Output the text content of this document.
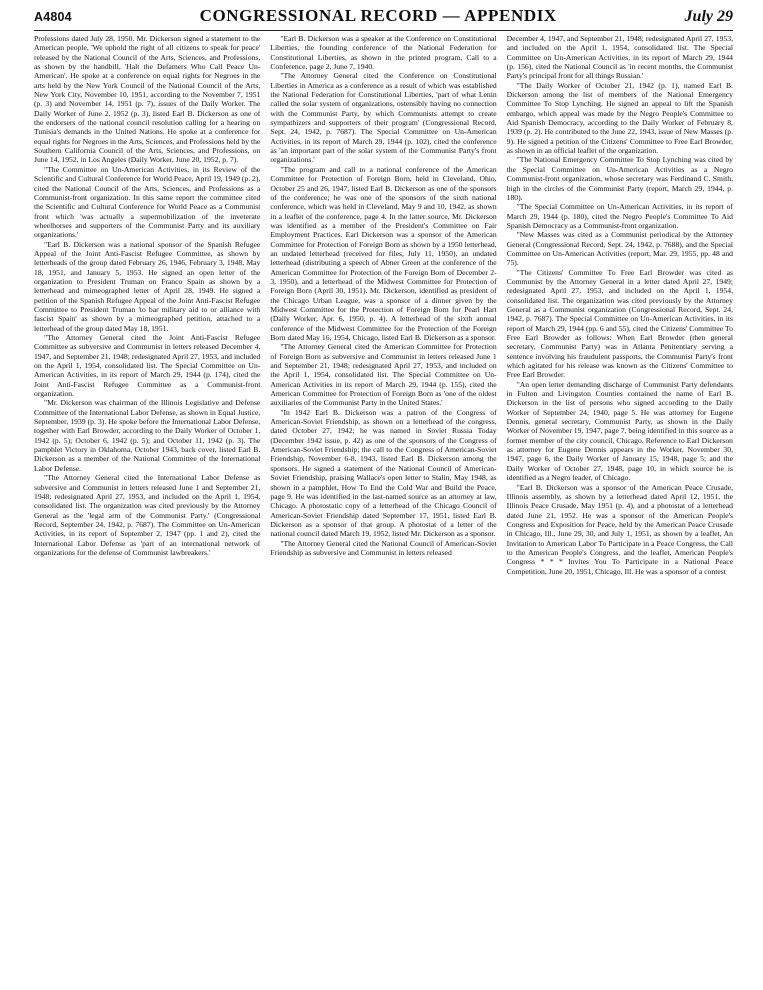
A4804	CONGRESSIONAL RECORD — APPENDIX	July 29

Professions dated July 28, 1950. Mr. Dickerson signed a statement to the American people, 'We uphold the right of all citizens to speak for peace' released by the National Council of the Arts, Sciences, and Professions, as shown by the handbill, 'Halt the Defamers Who Call Peace Un-American'. He spoke at a conference on equal rights for Negroes in the arts held by the New York Council of the National Council of the Arts, New York City, November 10, 1951, according to the November 7, 1951 (p. 3) and November 14, 1951 (p. 7), issues of the Daily Worker. The Daily Worker of June 2, 1952 (p. 3), listed Earl B. Dickerson as one of the endorsers of the national council resolution calling for a hearing on Tunisia's demands in the United Nations. He spoke at a conference for equal rights for Negroes in the Arts, Sciences, and Professions held by the Southern California Council of the Arts, Sciences, and Professions, on June 14, 1952, in Los Angeles (Daily Worker, June 20, 1952, p. 7).

"The Committee on Un-American Activities, in its Review of the Scientific and Cultural Conference for World Peace, April 19, 1949 (p. 2), cited the National Council of the Arts, Sciences, and Professions as a Communist-front organization. In this same report the committee cited the Scientific and Cultural Conference for World Peace as a Communist front which 'was actually a supermobilization of the inveterate wheelhorses and supporters of the Communist Party and its auxiliary organizations.'

"Earl B. Dickerson was a national sponsor of the Spanish Refugee Appeal of the Joint Anti-Fascist Refugee Committee, as shown by letterheads of the group dated February 26, 1946, February 3, 1948, May 18, 1951, and January 5, 1953. He signed an open letter of the organization to President Truman on Franco Spain as shown by a letterhead and mimeographed letter of April 28, 1949. He signed a petition of the Spanish Refugee Appeal of the Joint Anti-Fascist Refugee Committee to President Truman 'to bar military aid to or alliance with fascist Spain' as shown by a mimeographed petition, attached to a letterhead of the group dated May 18, 1951.

"The Attorney General cited the Joint Anti-Fascist Refugee Committee as subversive and Communist in letters released December 4, 1947, and September 21, 1948; redesignated April 27, 1953, and included on the April 1, 1954, consolidated list. The Special Committee on Un-American Activities, in its report of March 29, 1944 (p. 174), cited the Joint Anti-Fascist Refugee Committee as a Communist-front organization.

"Mr. Dickerson was chairman of the Illinois Legislative and Defense Committee of the International Labor Defense, as shown in Equal Justice, September, 1939 (p. 3). He spoke before the International Labor Defense, together with Earl Browder, according to the Daily Worker of October 1, 1942 (p. 5); October 6, 1942 (p. 5); and October 11, 1942 (p. 3). The pamphlet Victory in Oklahoma, October 1943, back cover, listed Earl B. Dickerson as a member of the National Committee of the International Labor Defense.

"The Attorney General cited the International Labor Defense as subversive and Communist in letters released June 1 and September 21, 1948; redesignated April 27, 1953, and included on the April 1, 1954, consolidated list. The organization was cited previously by the Attorney General as the 'legal arm of the Communist Party.' (Congressional Record, September 24, 1942, p. 7687). The Committee on Un-American Activities, in its report of September 2, 1947 (pp. 1 and 2), cited the International Labor Defense as 'part of an international network of organizations for the defense of Communist lawbreakers.'

"Earl B. Dickerson was a speaker at the Conference on Constitutional Liberties, the founding conference of the National Federation for Constitutional Liberties, as shown in the printed program, Call to a Conference, page 2, June 7, 1940.

"The Attorney General cited the Conference on Constitutional Liberties in America as a conference as a result of which was established the National Federation for Constitutional Liberties, 'part of what Lenin called the solar system of organizations, ostensibly having no connection with the Communist Party, by which Communists attempt to create sympathizers and supporters of their program' (Congressional Record, Sept. 24, 1942, p. 7687). The Special Committee on Un-American Activities, in its report of March 29, 1944 (p. 102), cited the conference as 'an important part of the solar system of the Communist Party's front organizations.'

"The program and call to a national conference of the American Committee for Protection of Foreign Born, held in Cleveland, Ohio, October 25 and 26, 1947, listed Earl B. Dickerson as one of the sponsors of the conference; he was one of the sponsors of the sixth national conference, which was held in Cleveland, May 9 and 10, 1942, as shown in a leaflet of the conference, page 4. In the latter source, Mr. Dickerson was identified as a member of the President's Committee on Fair Employment Practices. Earl Dickerson was a sponsor of the American Committee for Protection of Foreign Born as shown by a 1950 letterhead, an undated letterhead (received for files, July 11, 1950), an undated letterhead (distributing a speech of Abner Green at the conference of the American Committee for Protection of the Foreign Born of December 2-3, 1950), and a letterhead of the Midwest Committee for Protection of Foreign Born (April 30, 1951). Mr. Dickerson, identified as president of the Chicago Urban League, was a sponsor of a dinner given by the Midwest Committee for the Protection of Foreign Born for Pearl Hart (Daily Worker, Apr. 6, 1950, p. 4). A letterhead of the sixth annual conference of the Midwest Committee for the Protection of the Foreign Born dated May 16, 1954, Chicago, listed Earl B. Dickerson as a sponsor.

"The Attorney General cited the American Committee for Protection of Foreign Born as subversive and Communist in letters released June 1 and September 21, 1948; redesignated April 27, 1953, and included on the April 1, 1954, consolidated list. The Special Committee on Un-American Activities in its report of March 29, 1944 (p. 155), cited the American Committee for Protection of Foreign Born as 'one of the oldest auxiliaries of the Communist Party in the United States.'

"In 1942 Earl B. Dickerson was a patron of the Congress of American-Soviet Friendship, as shown on a letterhead of the congress, dated October 27, 1942; he was named in Soviet Russia Today (December 1942 issue, p. 42) as one of the sponsors of the Congress of American-Soviet Friendship; the call to the Congress of American-Soviet Friendship, November 6-8, 1943, listed Earl B. Dickerson among the sponsors. He signed a statement of the National Council of American-Soviet Friendship, praising Wallace's open letter to Stalin, May 1948, as shown in a pamphlet, How To End the Cold War and Build the Peace, page 9. He was identified in the last-named source as an attorney at law, Chicago. A photostatic copy of a letterhead of the Chicago Council of American-Soviet Friendship dated September 17, 1951, listed Earl B. Dickerson as a sponsor of that group. A photostat of a letter of the national council dated March 19, 1952, listed Mr. Dickerson as a sponsor.

"The Attorney General cited the National Council of American-Soviet Friendship as subversive and Communist in letters released

December 4, 1947, and September 21, 1948; redesignated April 27, 1953, and included on the April 1, 1954, consolidated list. The Special Committee on Un-American Activities, in its report of March 29, 1944 (p. 156), cited the National Council as 'in recent months, the Communist Party's principal front for all things Russian.'

"The Daily Worker of October 21, 1942 (p. 1), named Earl B. Dickerson among the list of members of the National Emergency Committee To Stop Lynching. He signed an appeal to lift the Spanish embargo, which appeal was made by the Negro People's Committee to Aid Spanish Democracy, according to the Daily Worker of February 8, 1939 (p. 2). He contributed to the June 22, 1943, issue of New Masses (p. 9). He signed a petition of the Citizens' Committee to Free Earl Browder, as shown in an official leaflet of the organization.

"The National Emergency Committee To Stop Lynching was cited by the Special Committee on Un-American Activities as a Negro Communist-front organization, whose secretary was Ferdinand C. Smith, high in the circles of the Communist Party (report, March 29, 1944, p. 180).

"The Special Committee on Un-American Activities, in its report of March 29, 1944 (p. 180), cited the Negro People's Committee To Aid Spanish Democracy as a Communist-front organization.

"New Masses was cited as a Communist periodical by the Attorney General (Congressional Record, Sept. 24, 1942, p. 7688), and the Special Committee on Un-American Activities (report, Mar. 29, 1955, pp. 48 and 75).

"The Citizens' Committee To Free Earl Browder was cited as Communist by the Attorney General in a letter dated April 27, 1949; redesignated April 27, 1953, and included on the April 1, 1954, consolidated list. The organization was cited previously by the Attorney General as a Communist organization (Congressional Record, Sept. 24, 1942, p. 7687). The Special Committee on Un-American Activities, in its report of March 29, 1944 (pp. 6 and 55), cited the Citizens' Committee To Free Earl Browder as follows: When Earl Browder (then general secretary, Communist Party) was in Atlanta Penitentiary serving a sentence involving his fraudulent passports, the Communist Party's front which agitated for his release was known as the Citizens' Committee to Free Earl Browder.

"An open letter demanding discharge of Communist Party defendants in Fulton and Livingston Counties contained the name of Earl B. Dickerson in the list of persons who signed according to the Daily Worker of September 24, 1940, page 5. He was attorney for Eugene Dennis, general secretary, Communist Party, as shown in the Daily Worker of November 19, 1947, page 7, being identified in this source as a former member of the city council, Chicago. Reference to Earl Dickerson as attorney for Eugene Dennis appears in the Worker, November 30, 1947, page 6, the Daily Worker of January 15, 1948, page 5; and the Daily Worker of October 27, 1948, page 10, in which source he is identified as a Negro leader, of Chicago.

"Earl B. Dickerson was a sponsor of the American Peace Crusade, Illinois assembly, as shown by a letterhead dated April 12, 1951, the Illinois Peace Crusade, May 1951 (p. 4), and a photostat of a letterhead dated June 21, 1952. He was a sponsor of the American People's Congress and Exposition for Peace, held by the American Peace Crusade in Chicago, Ill., June 29, 30, and July 1, 1951, as shown by a leaflet, An Invitation to American Labor To Participate in a Peace Congress, the Call to the American People's Congress, and the leaflet, American People's Congress * * * Invites You To Participate in a National Peace Competition, June 20, 1951, Chicago, Ill. He was a sponsor of a contest
